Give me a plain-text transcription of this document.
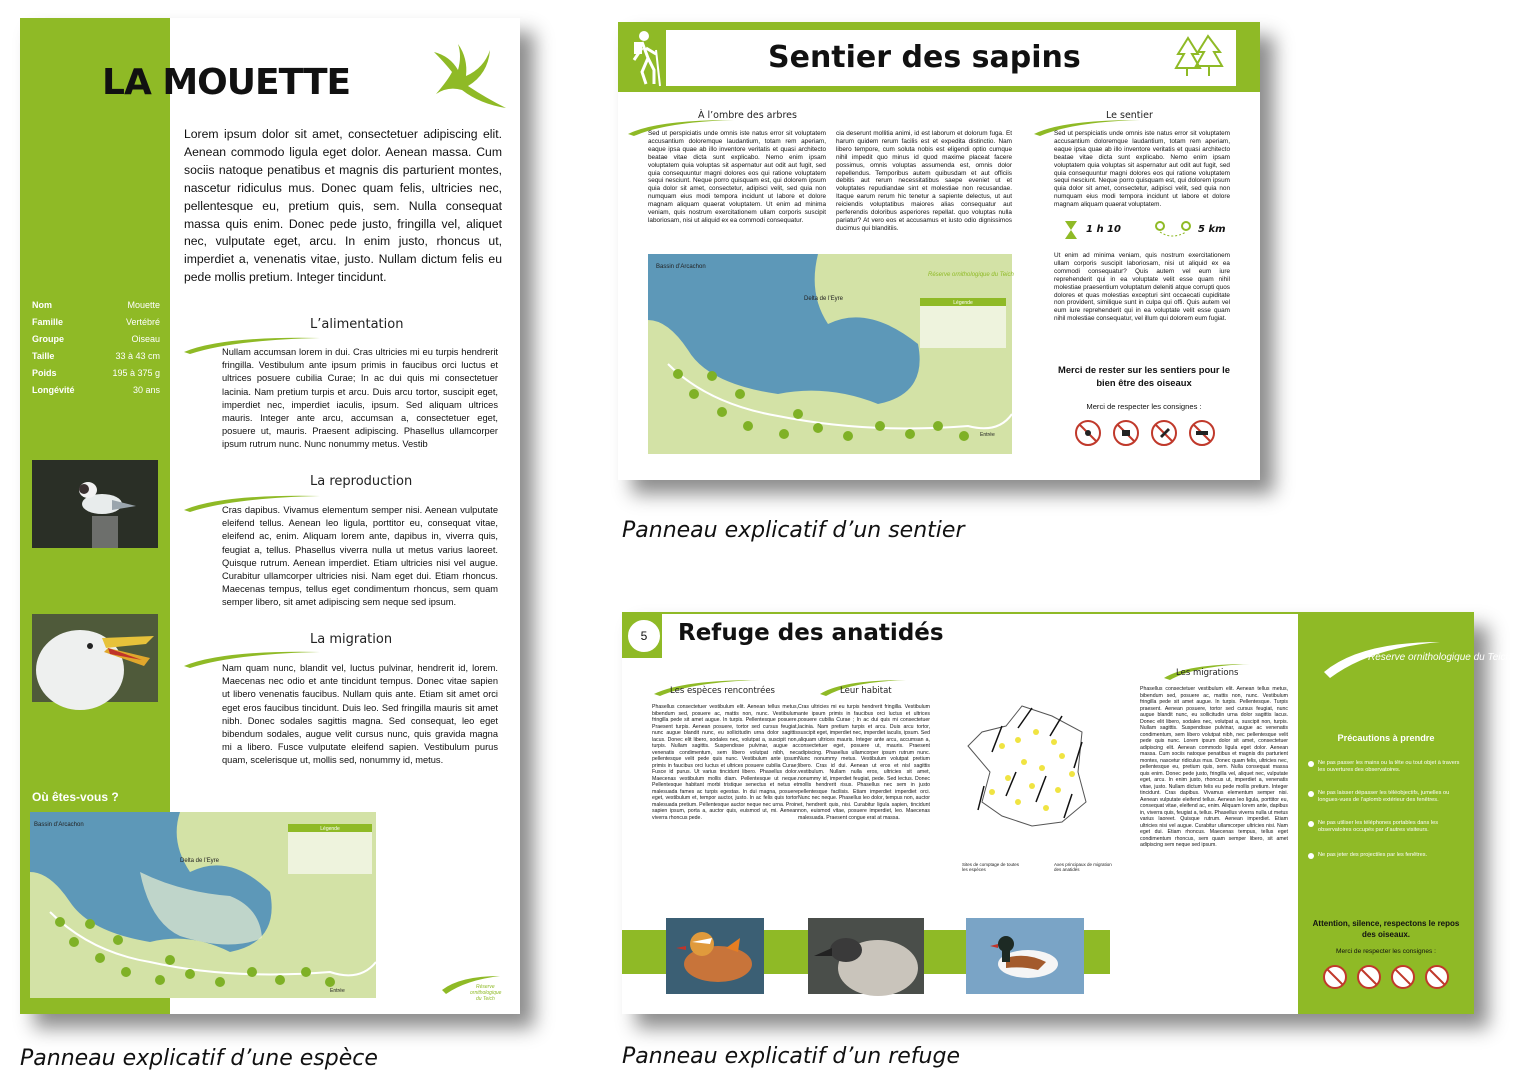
LA MOUETTE

Lorem ipsum dolor sit amet, consectetuer adipiscing elit. Aenean commodo ligula eget dolor. Aenean massa. Cum sociis natoque penatibus et magnis dis parturient montes, nascetur ridiculus mus. Donec quam felis, ultricies nec, pellentesque eu, pretium quis, sem. Nulla consequat massa quis enim. Donec pede justo, fringilla vel, aliquet nec, vulputate eget, arcu. In enim justo, rhoncus ut, imperdiet a, venenatis vitae, justo. Nullam dictum felis eu pede mollis pretium. Integer tincidunt.

Nom	Mouette
Famille	Vertébré
Groupe	Oiseau
Taille	33 à 43 cm
Poids	195 à 375 g
Longévité	30 ans
L’alimentation

Nullam accumsan lorem in dui. Cras ultricies mi eu turpis hendrerit fringilla. Vestibulum ante ipsum primis in faucibus orci luctus et ultrices posuere cubilia Curae; In ac dui quis mi consectetuer lacinia. Nam pretium turpis et arcu. Duis arcu tortor, suscipit eget, imperdiet nec, imperdiet iaculis, ipsum. Sed aliquam ultrices mauris. Integer ante arcu, accumsan a, consectetuer eget, posuere ut, mauris. Praesent adipiscing. Phasellus ullamcorper ipsum rutrum nunc. Nunc nonummy metus. Vestib

La reproduction

Cras dapibus. Vivamus elementum semper nisi. Aenean vulputate eleifend tellus. Aenean leo ligula, porttitor eu, consequat vitae, eleifend ac, enim. Aliquam lorem ante, dapibus in, viverra quis, feugiat a, tellus. Phasellus viverra nulla ut metus varius laoreet. Quisque rutrum. Aenean imperdiet. Etiam ultricies nisi vel augue. Curabitur ullamcorper ultricies nisi. Nam eget dui. Etiam rhoncus. Maecenas tempus, tellus eget condimentum rhoncus, sem quam semper libero, sit amet adipiscing sem neque sed ipsum.

La migration

Nam quam nunc, blandit vel, luctus pulvinar, hendrerit id, lorem. Maecenas nec odio et ante tincidunt tempus. Donec vitae sapien ut libero venenatis faucibus. Nullam quis ante. Etiam sit amet orci eget eros faucibus tincidunt. Duis leo. Sed fringilla mauris sit amet nibh. Donec sodales sagittis magna. Sed consequat, leo eget bibendum sodales, augue velit cursus nunc, quis gravida magna mi a libero. Fusce vulputate eleifend sapien. Vestibulum purus quam, scelerisque ut, mollis sed, nonummy id, metus.

Où êtes-vous ?
Légende
Bassin d’Arcachon
Delta de l’Eyre
Entrée
Réserve
ornithologique
du Teich
Sentier des sapins
À l’ombre des arbres

Sed ut perspiciatis unde omnis iste natus error sit voluptatem accusantium doloremque laudantium, totam rem aperiam, eaque ipsa quae ab illo inventore veritatis et quasi architecto beatae vitae dicta sunt explicabo. Nemo enim ipsam voluptatem quia voluptas sit aspernatur aut odit aut fugit, sed quia consequuntur magni dolores eos qui ratione voluptatem sequi nesciunt. Neque porro quisquam est, qui dolorem ipsum quia dolor sit amet, consectetur, adipisci velit, sed quia non numquam eius modi tempora incidunt ut labore et dolore magnam aliquam quaerat voluptatem. Ut enim ad minima veniam, quis nostrum exercitationem ullam corporis suscipit laboriosam, nisi ut aliquid ex ea commodi consequatur.

cia deserunt mollitia animi, id est laborum et dolorum fuga. Et harum quidem rerum facilis est et expedita distinctio. Nam libero tempore, cum soluta nobis est eligendi optio cumque nihil impedit quo minus id quod maxime placeat facere possimus, omnis voluptas assumenda est, omnis dolor repellendus. Temporibus autem quibusdam et aut officiis debitis aut rerum necessitatibus saepe eveniet ut et voluptates repudiandae sint et molestiae non recusandae. Itaque earum rerum hic tenetur a sapiente delectus, ut aut reiciendis voluptatibus maiores alias consequatur aut perferendis doloribus asperiores repellat. quo voluptas nulla pariatur? At vero eos et accusamus et iusto odio dignissimos ducimus qui blanditiis.

Le sentier

Sed ut perspiciatis unde omnis iste natus error sit voluptatem accusantium doloremque laudantium, totam rem aperiam, eaque ipsa quae ab illo inventore veritatis et quasi architecto beatae vitae dicta sunt explicabo. Nemo enim ipsam voluptatem quia voluptas sit aspernatur aut odit aut fugit, sed quia consequuntur magni dolores eos qui ratione voluptatem sequi nesciunt. Neque porro quisquam est, qui dolorem ipsum quia dolor sit amet, consectetur, adipisci velit, sed quia non numquam eius modi tempora incidunt ut labore et dolore magnam aliquam quaerat voluptatem.

1 h 10	5 km

Ut enim ad minima veniam, quis nostrum exercitationem ullam corporis suscipit laboriosam, nisi ut aliquid ex ea commodi consequatur? Quis autem vel eum iure reprehenderit qui in ea voluptate velit esse quam nihil molestiae praesentium voluptatum deleniti atque corrupti quos dolores et quas molestias excepturi sint occaecati cupiditate non provident, similique sunt in culpa qui offi. Quis autem vel eum iure reprehenderit qui in ea voluptate velit esse quam nihil molestiae consequatur, vel illum qui dolorem eum fugiat.

Légende
Bassin d’Arcachon
Delta de l’Eyre
Réserve ornithologique du Teich
Entrée
Merci de rester sur les sentiers pour le bien être des oiseaux
Merci de respecter les consignes :
5	Refuge des anatidés
Les espèces rencontrées

Phasellus consectetuer vestibulum elit. Aenean tellus metus, bibendum sed, posuere ac, mattis non, nunc. Vestibulum fringilla pede sit amet augue. In turpis. Pellentesque posuere. Praesent turpis. Aenean posuere, tortor sed cursus feugiat, nunc augue blandit nunc, eu sollicitudin urna dolor sagittis lacus. Donec elit libero, sodales nec, volutpat a, suscipit non, turpis. Nullam sagittis. Suspendisse pulvinar, augue ac venenatis condimentum, sem libero volutpat nibh, nec pellentesque velit pede quis nunc. Vestibulum ante ipsum primis in faucibus orci luctus et ultrices posuere cubilia Curae; Fusce id purus. Ut varius tincidunt libero. Phasellus dolor. Maecenas vestibulum mollis diam. Pellentesque ut neque. Pellentesque habitant morbi tristique senectus et netus et malesuada fames ac turpis egestas. In dui magna, posuere eget, vestibulum et, tempor auctor, justo. In ac felis quis tortor malesuada pretium. Pellentesque auctor neque nec urna. Proin sapien ipsum, porta a, auctor quis, euismod ut, mi. Aenean viverra rhoncus pede.

Leur habitat

Cras ultricies mi eu turpis hendrerit fringilla. Vestibulum ante ipsum primis in faucibus orci luctus et ultrices posuere cubilia Curae ; In ac dui quis mi consectetuer lacinia. Nam pretium turpis et arcu. Duis arcu tortor, suscipit eget, imperdiet nec, imperdiet iaculis, ipsum. Sed aliquam ultrices mauris. Integer ante arcu, accumsan a, consectetuer eget, posuere ut, mauris. Praesent adipiscing. Phasellus ullamcorper ipsum rutrum nunc. Nunc nonummy metus. Vestibulum volutpat pretium libero. Cras id dui. Aenean ut eros et nisl sagittis vestibulum. Nullam nulla eros, ultricies sit amet, nonummy id, imperdiet feugiat, pede. Sed lectus. Donec mollis hendrerit risus. Phasellus nec sem in justo pellentesque facilisis. Etiam imperdiet imperdiet orci. Nunc nec neque. Phasellus leo dolor, tempus non, auctor et, hendrerit quis, nisi. Curabitur ligula sapien, tincidunt non, euismod vitae, posuere imperdiet, leo. Maecenas malesuada. Praesent congue erat at massa.

Sites de comptage de toutes les espèces
Axes principaux de migration des anatidés
Les migrations

Phasellus consectetuer vestibulum elit. Aenean tellus metus, bibendum sed, posuere ac, mattis non, nunc. Vestibulum fringilla pede sit amet augue. In turpis. Pellentesque. Turpis praesent. Aenean posuere, tortor sed cursus feugiat, nunc augue blandit nunc, eu sollicitudin urna dolor sagittis lacus. Donec elit libero, sodales nec, volutpat a, suscipit non, turpis. Nullam sagittis. Suspendisse pulvinar, augue ac venenatis condimentum, sem libero volutpat nibh, nec pellentesque velit pede quis nunc. Lorem ipsum dolor sit amet, consectetuer adipiscing elit. Aenean commodo ligula eget dolor. Aenean massa. Cum sociis natoque penatibus et magnis dis parturient montes, nascetur ridiculus mus. Donec quam felis, ultricies nec, pellentesque eu, pretium quis, sem. Nulla consequat massa quis enim. Donec pede justo, fringilla vel, aliquet nec, vulputate eget, arcu. In enim justo, rhoncus ut, imperdiet a, venenatis vitae, justo. Nullam dictum felis eu pede mollis pretium. Integer tincidunt. Cras dapibus. Vivamus elementum semper nisi. Aenean vulputate eleifend tellus. Aenean leo ligula, porttitor eu, consequat vitae, eleifend ac, enim. Aliquam lorem ante, dapibus in, viverra quis, feugiat a, tellus. Phasellus viverra nulla ut metus varius laoreet. Quisque rutrum. Aenean imperdiet. Etiam ultricies nisi vel augue. Curabitur ullamcorper ultricies nisi. Nam eget dui. Etiam rhoncus. Maecenas tempus, tellus eget condimentum rhoncus, sem quam semper libero, sit amet adipiscing sem neque sed ipsum.

Réserve ornithologique du Teich
Précautions à prendre
Ne pas passer les mains ou la tête ou tout objet à travers les ouvertures des observatoires.
Ne pas laisser dépasser les téléobjectifs, jumelles ou longues-vues de l’aplomb extérieur des fenêtres.
Ne pas utiliser les téléphones portables dans les observatoires occupés par d’autres visiteurs.
Ne pas jeter des projectiles par les fenêtres.
Attention, silence, respectons le repos des oiseaux.
Merci de respecter les consignes :
Panneau explicatif d’un sentier
Panneau explicatif d’une espèce	Panneau explicatif d’un refuge
